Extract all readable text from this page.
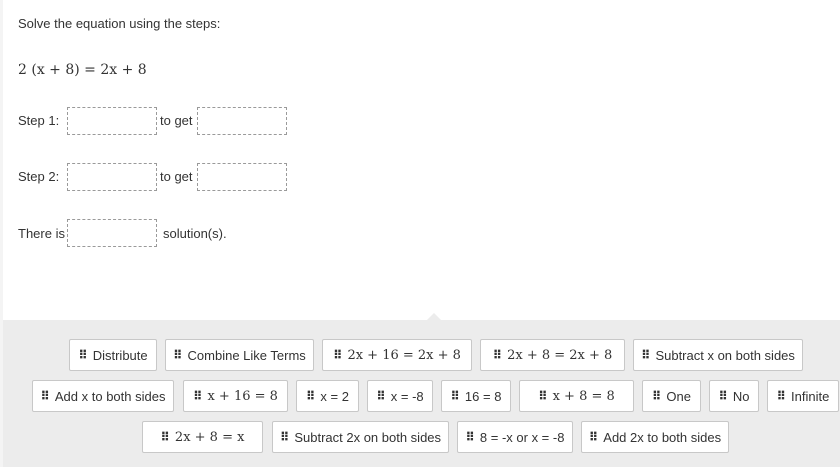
Solve the equation using the steps:
2 (x + 8) = 2x + 8
Step 1:	to get
Step 2:	to get
There is	solution(s).
⠿ Distribute ⠿ Combine Like Terms ⠿ 2x + 16 = 2x + 8	⠿ 2x + 8 = 2x + 8 ⠿ Subtract x on both sides
⠿ Add x to both sides ⠿ x + 16 = 8 ⠿ x = 2 ⠿ x = -8 ⠿ 16 = 8	⠿ x + 8 = 8	⠿ One ⠿ No ⠿ Infinite
⠿ 2x + 8 = x	⠿ Subtract 2x on both sides ⠿ 8 = -x or x = -8 ⠿ Add 2x to both sides
